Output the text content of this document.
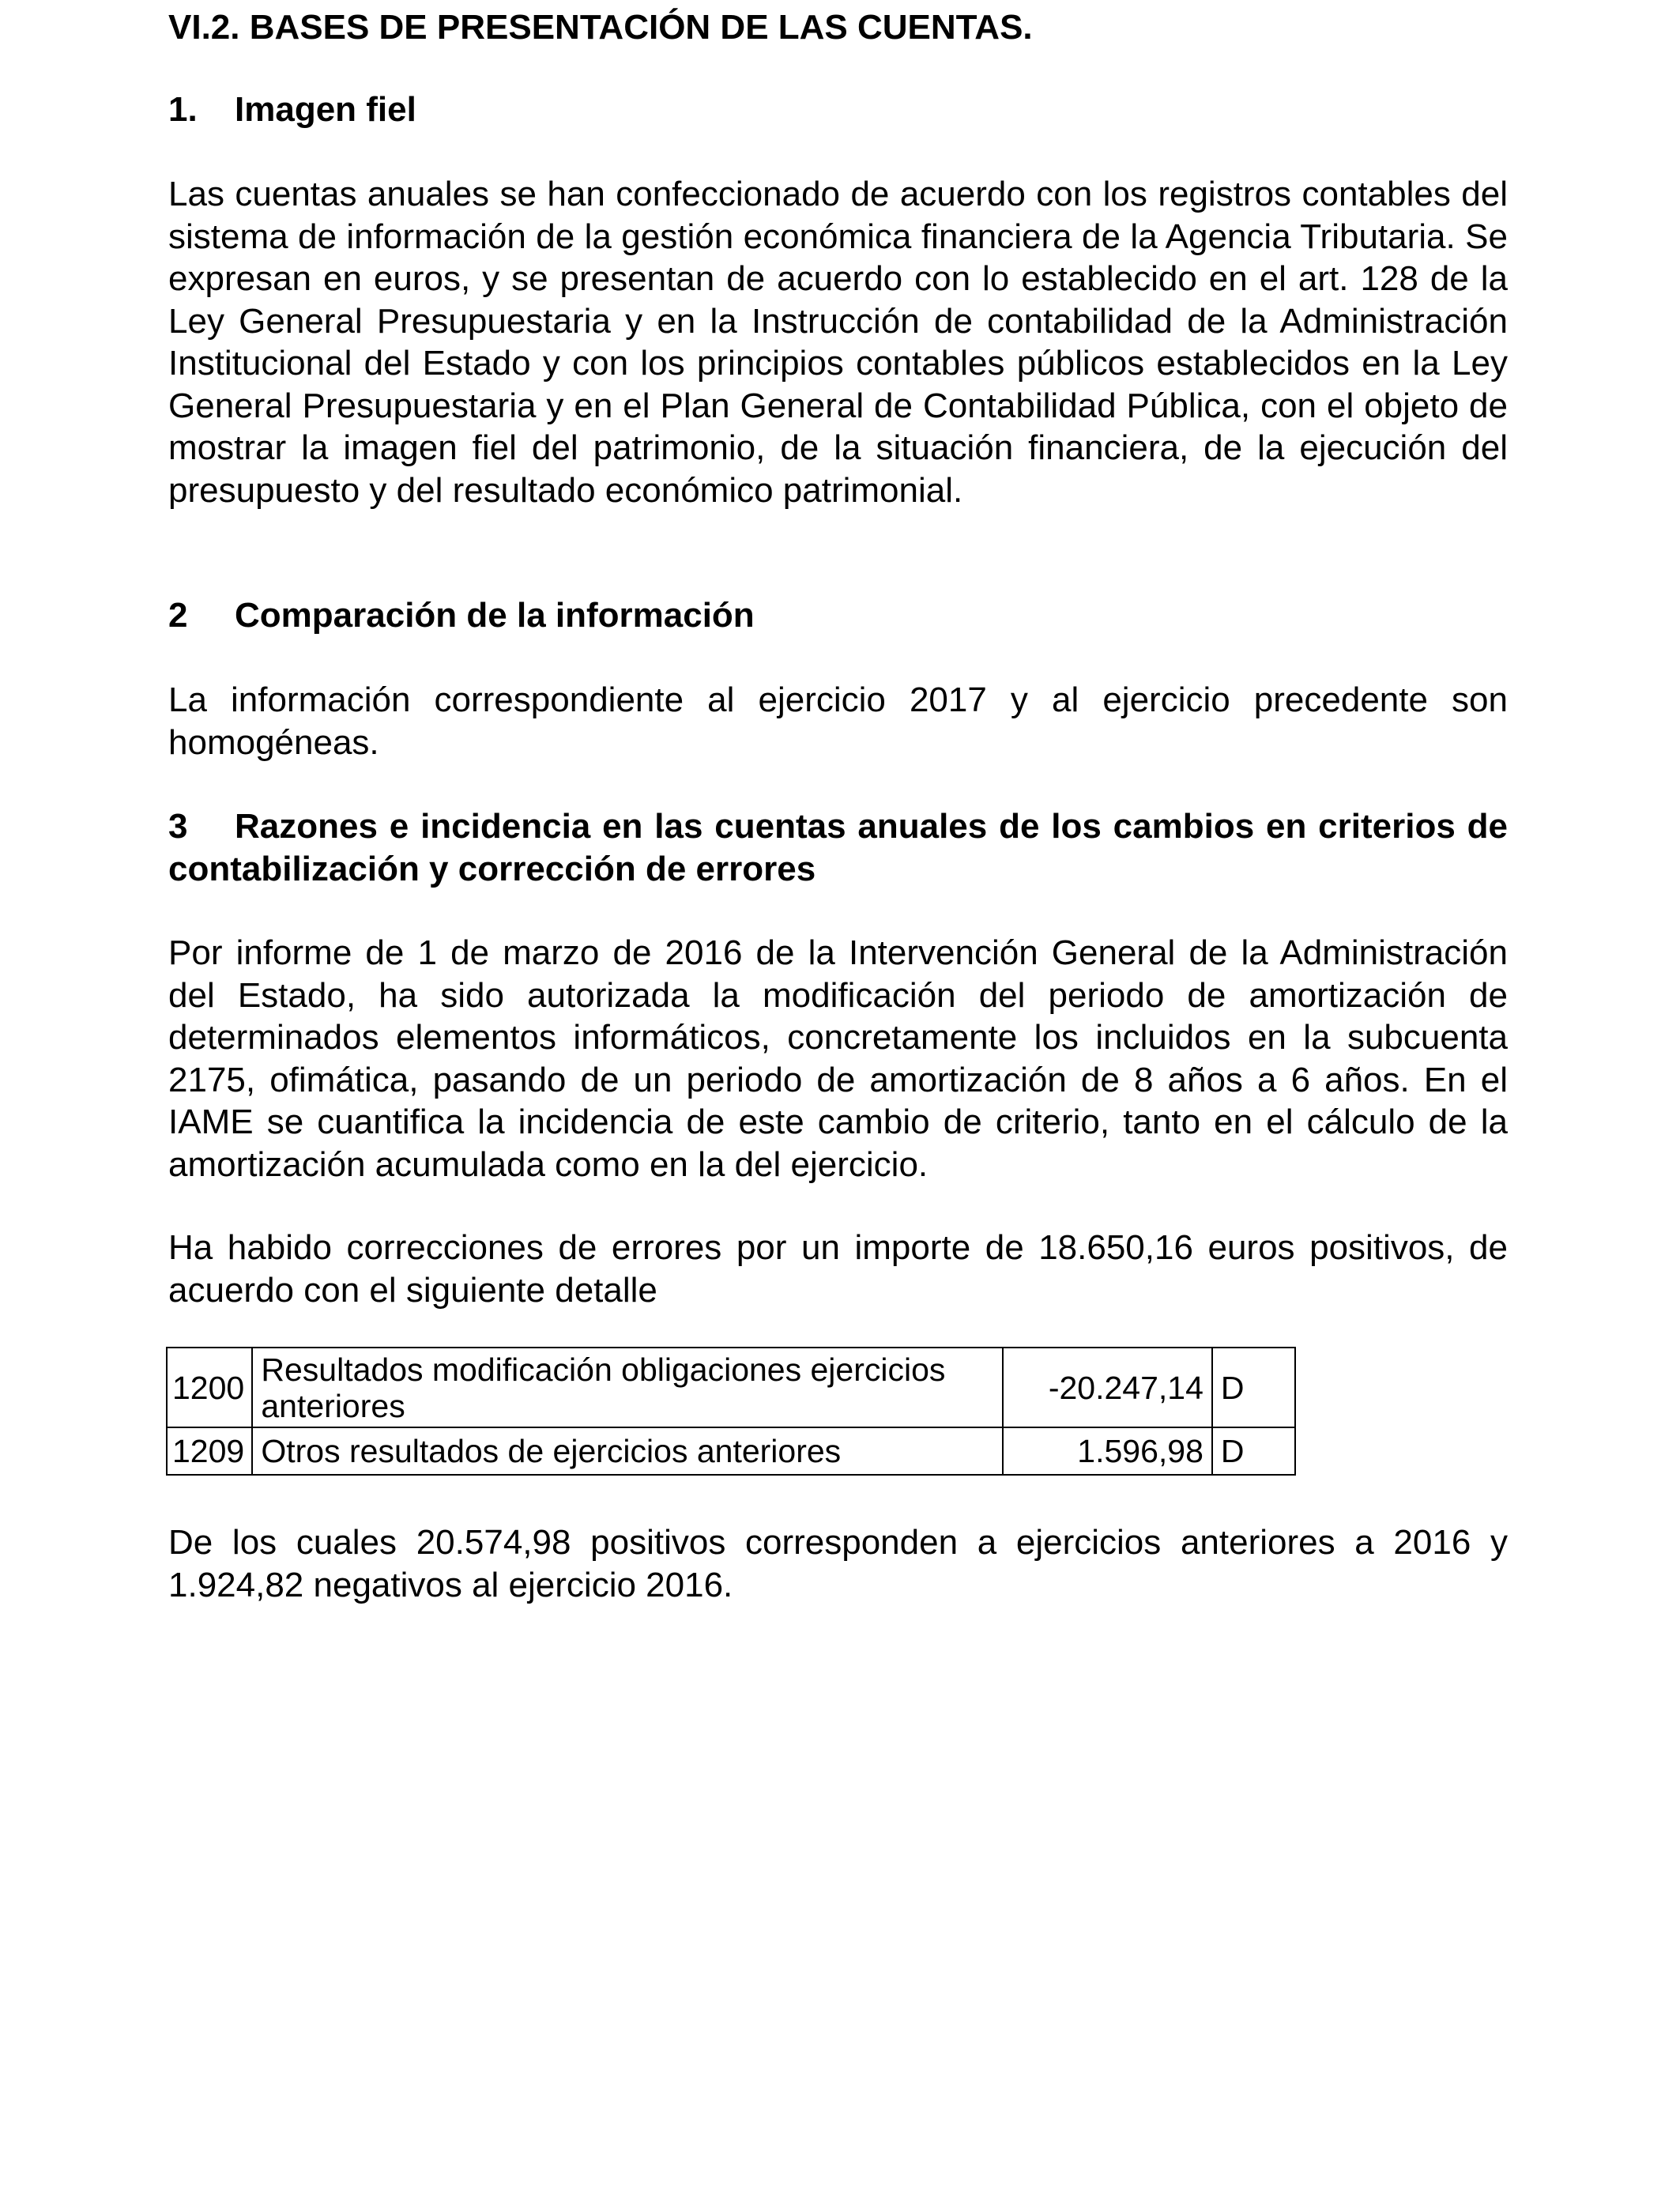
VI.2. BASES DE PRESENTACIÓN DE LAS CUENTAS.
1. Imagen fiel
Las cuentas anuales se han confeccionado de acuerdo con los registros contables del sistema de información de la gestión económica financiera de la Agencia Tributaria. Se expresan en euros, y se presentan de acuerdo con lo establecido en el art. 128 de la Ley General Presupuestaria y en la Instrucción de contabilidad de la Administración Institucional del Estado y con los principios contables públicos establecidos en la Ley General Presupuestaria y en el Plan General de Contabilidad Pública, con el objeto de mostrar la imagen fiel del patrimonio, de la situación financiera, de la ejecución del presupuesto y del resultado económico patrimonial.
2 Comparación de la información
La información correspondiente al ejercicio 2017 y al ejercicio precedente son homogéneas.
3 Razones e incidencia en las cuentas anuales de los cambios en criterios de contabilización y corrección de errores
Por informe de 1 de marzo de 2016 de la Intervención General de la Administración del Estado, ha sido autorizada la modificación del periodo de amortización de determinados elementos informáticos, concretamente los incluidos en la subcuenta 2175, ofimática, pasando de un periodo de amortización de 8 años a 6 años. En el IAME se cuantifica la incidencia de este cambio de criterio, tanto en el cálculo de la amortización acumulada como en la del ejercicio.
Ha habido correcciones de errores por un importe de 18.650,16 euros positivos, de acuerdo con el siguiente detalle
1200	Resultados modificación obligaciones ejercicios anteriores	-20.247,14	D
1209	Otros resultados de ejercicios anteriores	1.596,98	D
De los cuales 20.574,98 positivos corresponden a ejercicios anteriores a 2016 y 1.924,82 negativos al ejercicio 2016.
